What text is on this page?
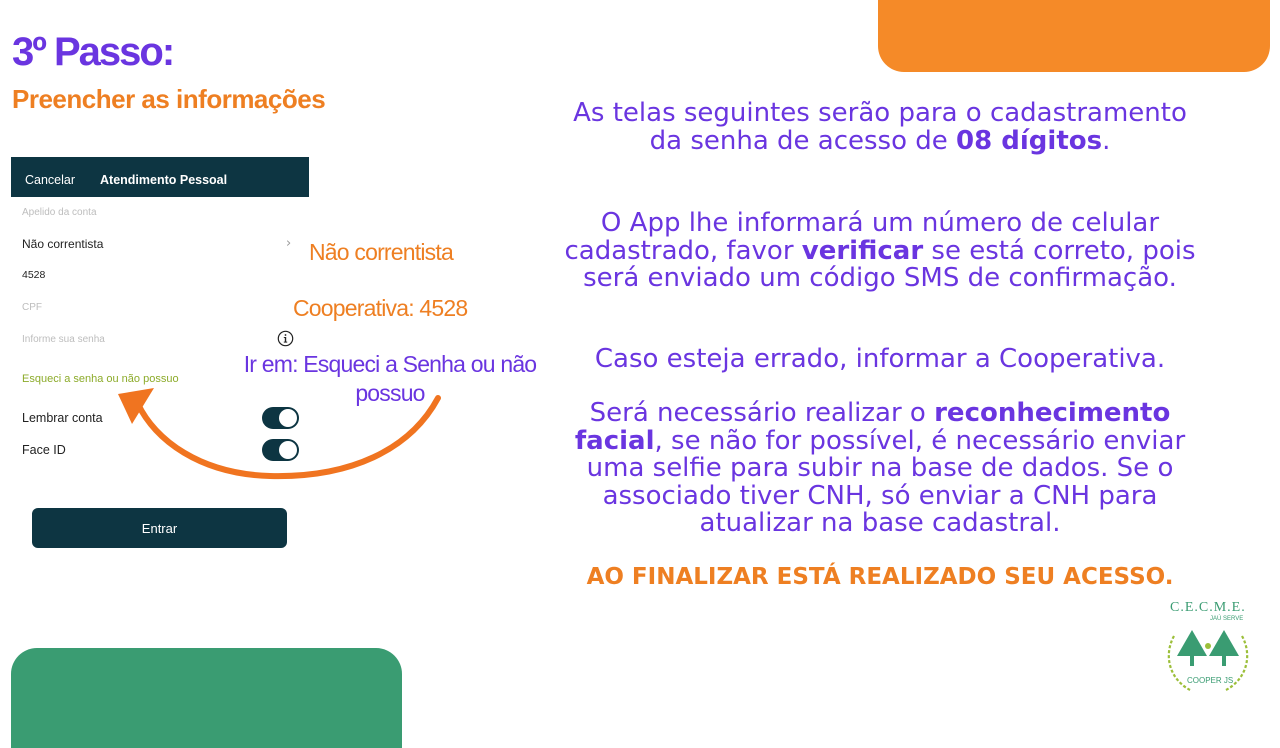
3º Passo:
Preencher as informações
Cancelar Atendimento Pessoal
Apelido da conta
Não correntista	›
4528
CPF
Informe sua senha
Esqueci a senha ou não possuo
Lembrar conta
Face ID
Entrar

Não correntista

Cooperativa: 4528

Ir em: Esqueci a Senha ou não possuo

As telas seguintes serão para o cadastramento da senha de acesso de 08 dígitos.

O App lhe informará um número de celular cadastrado, favor verificar se está correto, pois será enviado um código SMS de confirmação.

Caso esteja errado, informar a Cooperativa.

Será necessário realizar o reconhecimento facial, se não for possível, é necessário enviar uma selfie para subir na base de dados. Se o associado tiver CNH, só enviar a CNH para atualizar na base cadastral.

AO FINALIZAR ESTÁ REALIZADO SEU ACESSO.

C.E.C.M.E.
JAÚ SERVE
COOPER JS
